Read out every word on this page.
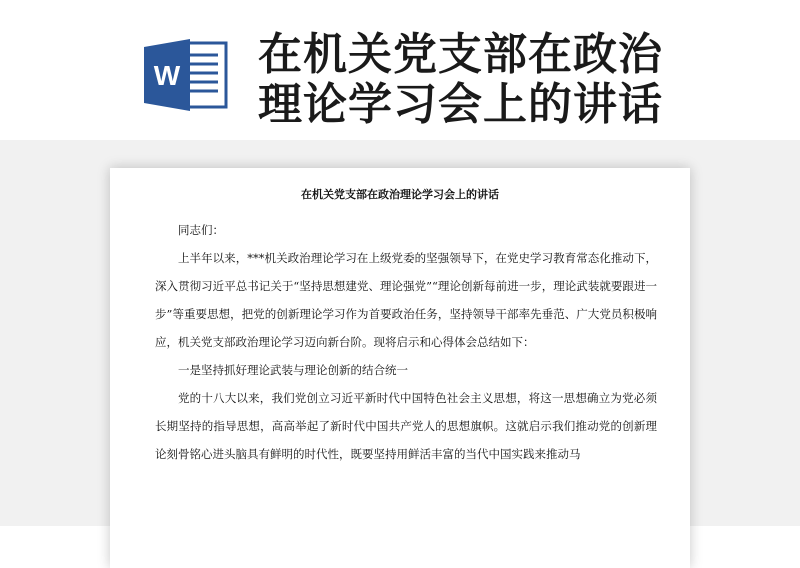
W 在机关党支部在政治
理论学习会上的讲话
在机关党支部在政治理论学习会上的讲话

同志们：

上半年以来，***机关政治理论学习在上级党委的坚强领导下，在党史学习教育常态化推动下，深入贯彻习近平总书记关于“坚持思想建党、理论强党”“理论创新每前进一步，理论武装就要跟进一步”等重要思想，把党的创新理论学习作为首要政治任务，坚持领导干部率先垂范、广大党员积极响应，机关党支部政治理论学习迈向新台阶。现将启示和心得体会总结如下：

一是坚持抓好理论武装与理论创新的结合统一

党的十八大以来，我们党创立习近平新时代中国特色社会主义思想，将这一思想确立为党必须长期坚持的指导思想，高高举起了新时代中国共产党人的思想旗帜。这就启示我们推动党的创新理论刻骨铭心进头脑具有鲜明的时代性，既要坚持用鲜活丰富的当代中国实践来推动马
